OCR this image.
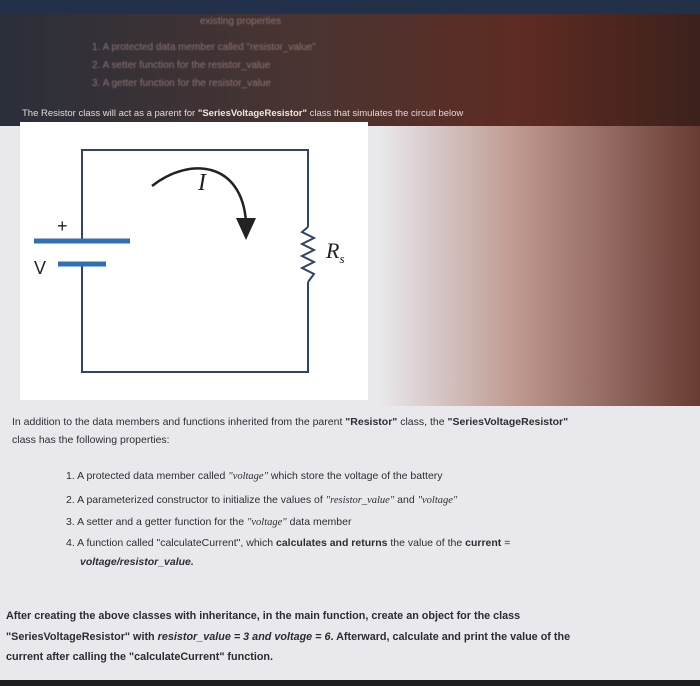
existing properties
1. A protected data member called "resistor_value"
2. A setter function for the resistor_value
3. A getter function for the resistor_value
The Resistor class will act as a parent for "SeriesVoltageResistor" class that simulates the circuit below
+
V
I
$R_s$
In addition to the data members and functions inherited from the parent "Resistor" class, the "SeriesVoltageResistor"
class has the following properties:
1. A protected data member called "voltage" which store the voltage of the battery
2. A parameterized constructor to initialize the values of "resistor_value" and "voltage"
3. A setter and a getter function for the "voltage" data member
4. A function called "calculateCurrent", which calculates and returns the value of the current =
voltage/resistor_value.
After creating the above classes with inheritance, in the main function, create an object for the class
"SeriesVoltageResistor" with resistor_value = 3 and voltage = 6. Afterward, calculate and print the value of the
current after calling the "calculateCurrent" function.
